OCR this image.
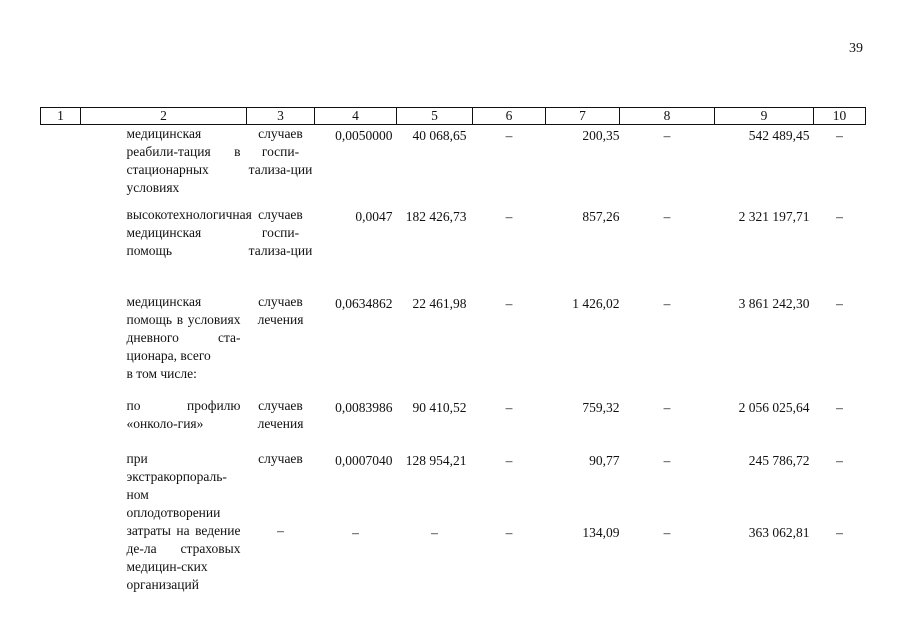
39
1	2	3	4	5	6	7	8	9	10
	медицинская реабили-тация в стационарных условиях	случаев госпи-тализа-ции	0,0050000	40 068,65	–	200,35	–	542 489,45	–
	высокотехнологичная медицинская помощь	случаев госпи-тализа-ции	0,0047	182 426,73	–	857,26	–	2 321 197,71	–
	медицинская помощь в условиях дневного ста-ционара, всего	случаев лечения	0,0634862	22 461,98	–	1 426,02	–	3 861 242,30	–
	в том числе:								
	по профилю «онколо-гия»	случаев лечения	0,0083986	90 410,52	–	759,32	–	2 056 025,64	–
	при экстракорпораль-ном оплодотворении	случаев	0,0007040	128 954,21	–	90,77	–	245 786,72	–
	затраты на ведение де-ла страховых медицин-ских организаций	–	–	–	–	134,09	–	363 062,81	–
